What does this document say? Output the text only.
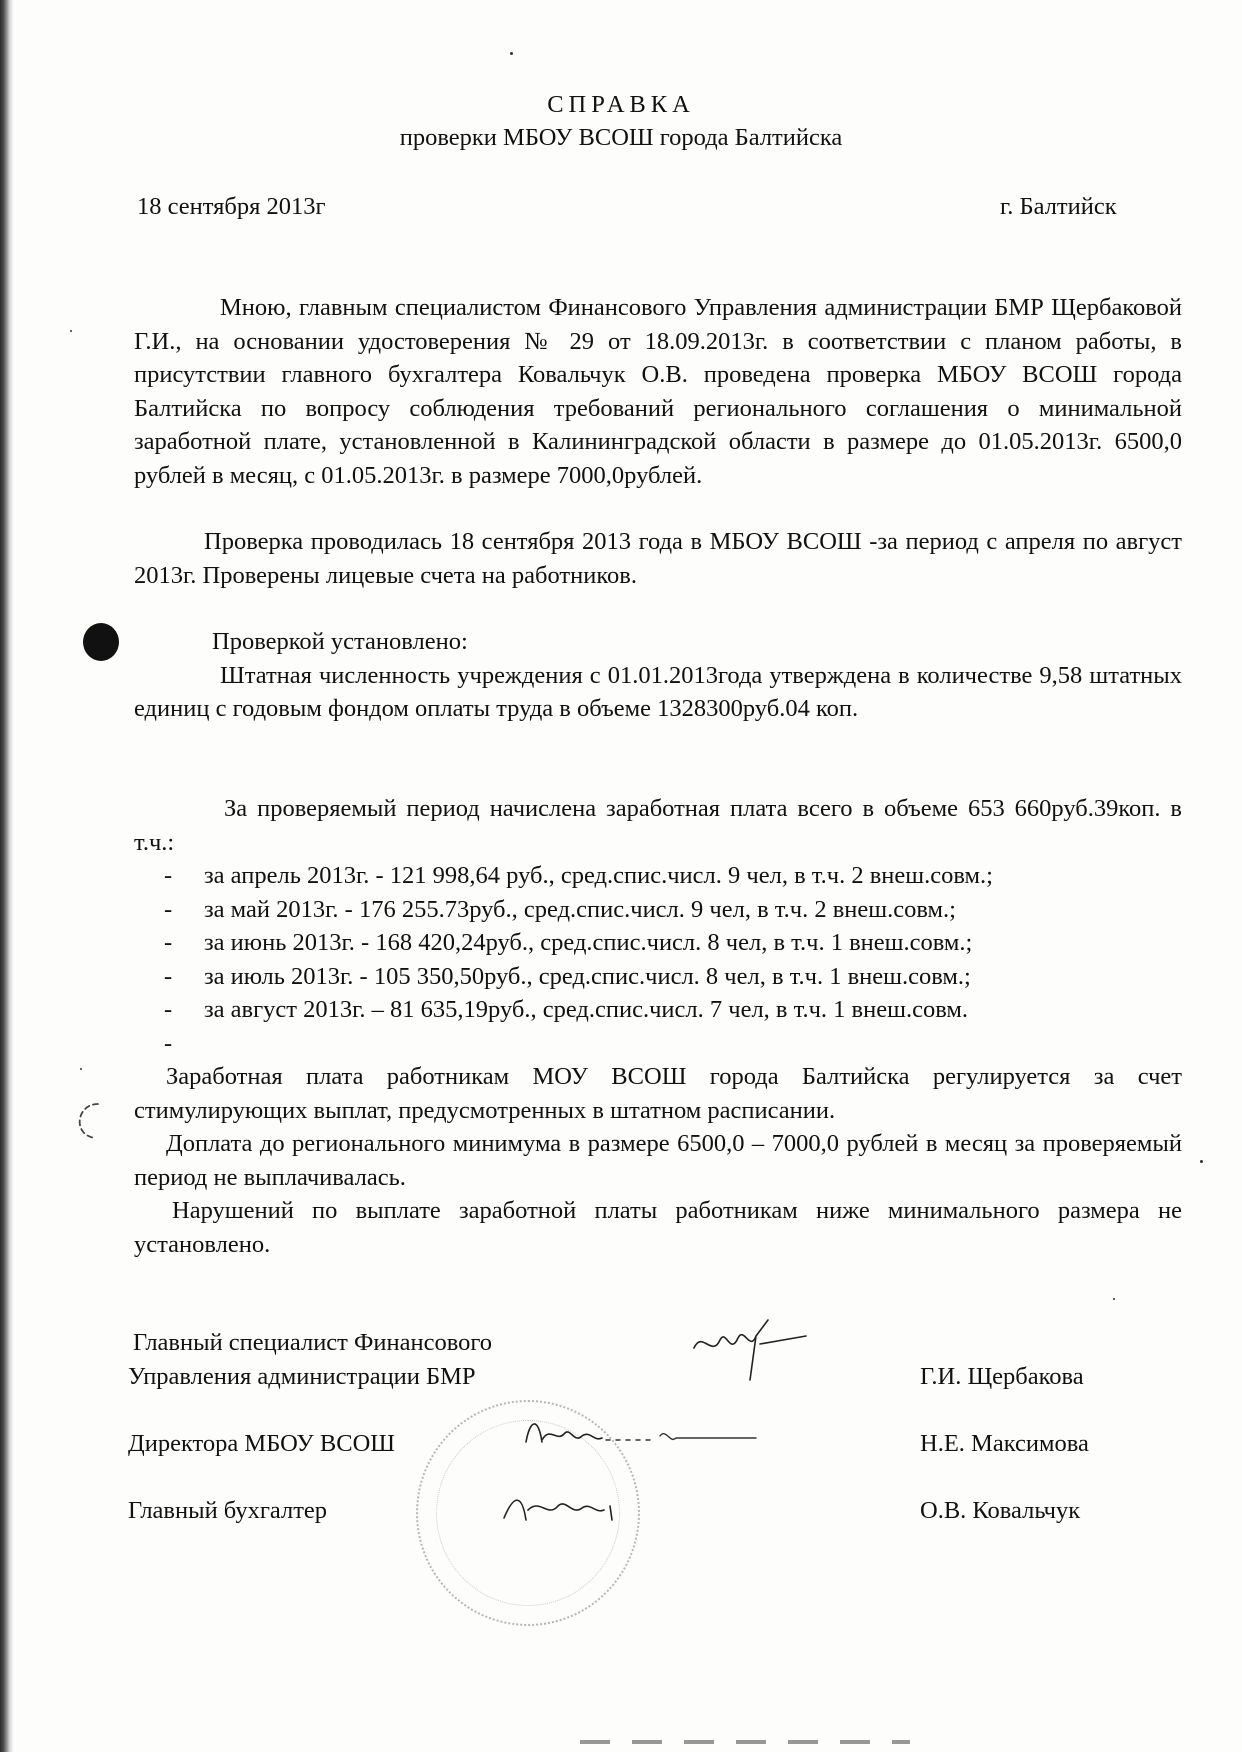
СПРАВКА
проверки МБОУ ВСОШ города Балтийска
18 сентября 2013г	г. Балтийск
Мною, главным специалистом Финансового Управления администрации БМР Щербаковой Г.И., на основании удостоверения № 29 от 18.09.2013г. в соответствии с планом работы, в присутствии главного бухгалтера Ковальчук О.В. проведена проверка МБОУ ВСОШ города Балтийска по вопросу соблюдения требований регионального соглашения о минимальной заработной плате, установленной в Калининградской области в размере до 01.05.2013г. 6500,0 рублей в месяц, с 01.05.2013г. в размере 7000,0рублей.
Проверка проводилась 18 сентября 2013 года в МБОУ ВСОШ -за период с апреля по август 2013г. Проверены лицевые счета на работников.
Проверкой установлено:
Штатная численность учреждения с 01.01.2013года утверждена в количестве 9,58 штатных единиц с годовым фондом оплаты труда в объеме 1328300руб.04 коп.
За проверяемый период начислена заработная плата всего в объеме 653 660руб.39коп. в т.ч.:
- за апрель 2013г. - 121 998,64 руб., сред.спис.числ. 9 чел, в т.ч. 2 внеш.совм.;
- за май 2013г. - 176 255.73руб., сред.спис.числ. 9 чел, в т.ч. 2 внеш.совм.;
- за июнь 2013г. - 168 420,24руб., сред.спис.числ. 8 чел, в т.ч. 1 внеш.совм.;
- за июль 2013г. - 105 350,50руб., сред.спис.числ. 8 чел, в т.ч. 1 внеш.совм.;
- за август 2013г. – 81 635,19руб., сред.спис.числ. 7 чел, в т.ч. 1 внеш.совм.
-
Заработная плата работникам МОУ ВСОШ города Балтийска регулируется за счет стимулирующих выплат, предусмотренных в штатном расписании.
Доплата до регионального минимума в размере 6500,0 – 7000,0 рублей в месяц за проверяемый период не выплачивалась.
Нарушений по выплате заработной платы работникам ниже минимального размера не установлено.
Главный специалист Финансового
Управления администрации БМР	Г.И. Щербакова
Директора МБОУ ВСОШ	Н.Е. Максимова
Главный бухгалтер	О.В. Ковальчук
